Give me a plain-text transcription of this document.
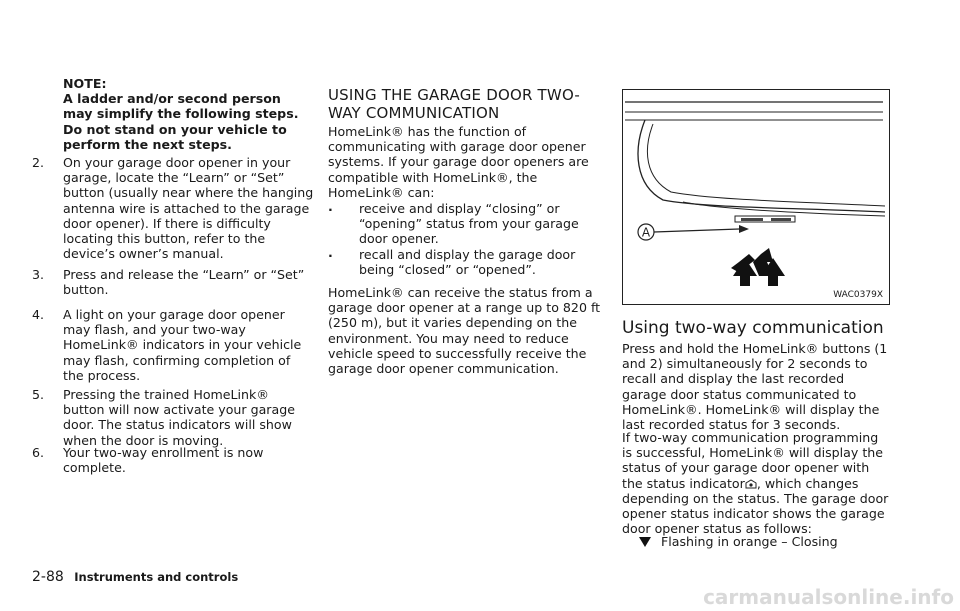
NOTE:

A ladder and/or second person may simplify the following steps. Do not stand on your vehicle to perform the next steps.

2. On your garage door opener in your garage, locate the “Learn” or “Set” button (usually near where the hanging antenna wire is attached to the garage door opener). If there is difficulty locating this button, refer to the device’s owner’s manual.

3. Press and release the “Learn” or “Set” button.

4. A light on your garage door opener may flash, and your two-way HomeLink® indicators in your vehicle may flash, confirming completion of the process.

5. Pressing the trained HomeLink® button will now activate your garage door. The status indicators will show when the door is moving.

6. Your two-way enrollment is now complete.

USING THE GARAGE DOOR TWO-WAY COMMUNICATION

HomeLink® has the function of communicating with garage door opener systems. If your garage door openers are compatible with HomeLink®, the HomeLink® can:

. receive and display “closing” or “opening” status from your garage door opener.

. recall and display the garage door being “closed” or “opened”.

HomeLink® can receive the status from a garage door opener at a range up to 820 ft (250 m), but it varies depending on the environment. You may need to reduce vehicle speed to successfully receive the garage door opener communication.

A
WAC0379X
Using two-way communication

Press and hold the HomeLink® buttons (1 and 2) simultaneously for 2 seconds to recall and display the last recorded garage door status communicated to HomeLink®. HomeLink® will display the last recorded status for 3 seconds.

If two-way communication programming is successful, HomeLink® will display the status of your garage door opener with the status indicator , which changes depending on the status. The garage door opener status indicator shows the garage door opener status as follows:

Flashing in orange – Closing
2-88 Instruments and controls
carmanualsonline.info
